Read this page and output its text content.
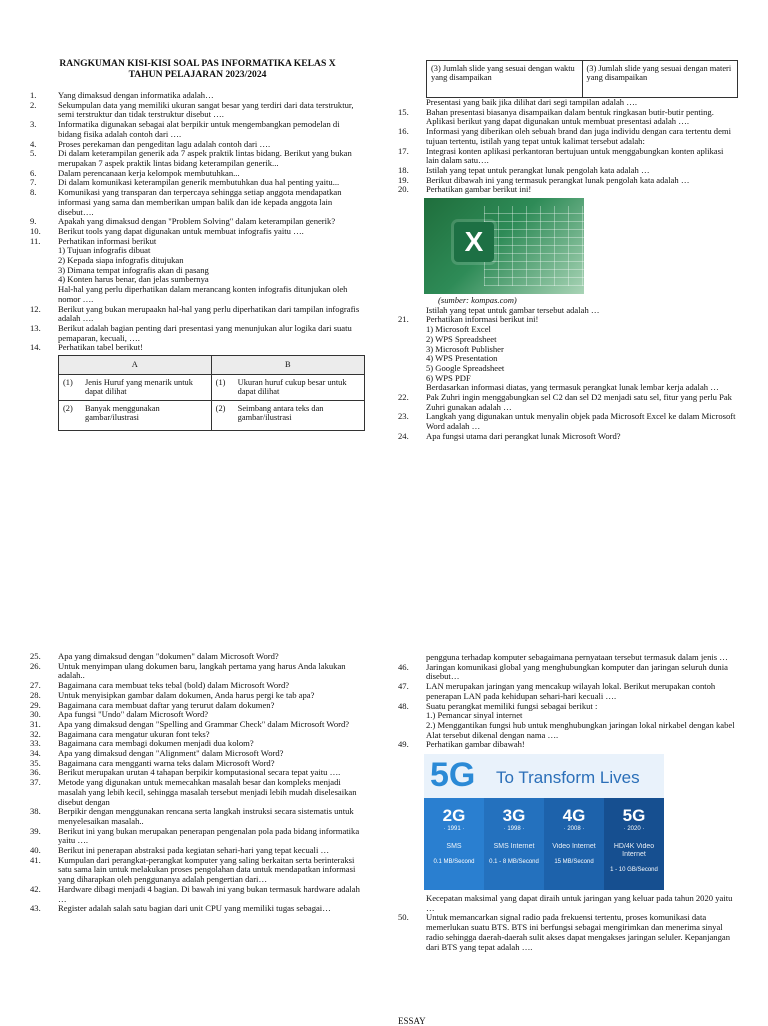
RANGKUMAN KISI-KISI SOAL PAS INFORMATIKA KELAS X
TAHUN PELAJARAN 2023/2024
1.	Yang dimaksud dengan informatika adalah…
2.	Sekumpulan data yang memiliki ukuran sangat besar yang terdiri dari data terstruktur, semi terstruktur dan tidak terstruktur disebut ….
3.	Informatika digunakan sebagai alat berpikir untuk mengembangkan pemodelan di bidang fisika adalah contoh dari ….
4.	Proses perekaman dan pengeditan lagu adalah contoh dari ….
5.	Di dalam keterampilan generik ada 7 aspek praktik lintas bidang. Berikut yang bukan merupakan 7 aspek praktik lintas bidang keterampilan generik...
6.	Dalam perencanaan kerja kelompok membutuhkan...
7.	Di dalam komunikasi keterampilan generik membutuhkan dua hal penting yaitu...
8.	Komunikasi yang transparan dan terpercaya sehingga setiap anggota mendapatkan informasi yang sama dan memberikan umpan balik dan ide kepada anggota lain disebut….
9.	Apakah yang dimaksud dengan "Problem Solving" dalam keterampilan generik?
10. Berikut tools yang dapat digunakan untuk membuat infografis yaitu ….
11. Perhatikan informasi berikut
1) Tujuan infografis dibuat
2) Kepada siapa infografis ditujukan
3) Dimana tempat infografis akan di pasang
4) Konten harus benar, dan jelas sumbernya
Hal-hal yang perlu diperhatikan dalam merancang konten infografis ditunjukan oleh nomor ….
12. Berikut yang bukan merupaakn hal-hal yang perlu diperhatikan dari tampilan infografis adalah ….
13. Berikut adalah bagian penting dari presentasi yang menunjukan alur logika dari suatu pemaparan, kecuali, ….
14. Perhatikan tabel berikut!
A	B

(1) Jenis Huruf yang menarik untuk dapat dilihat	(1) Ukuran huruf cukup besar untuk dapat dilihat

(2) Banyak menggunakan gambar/ilustrasi	(2) Seimbang antara teks dan gambar/ilustrasi
(3) Jumlah slide yang sesuai dengan waktu yang disampaikan	(3) Jumlah slide yang sesuai dengan materi yang disampaikan
Presentasi yang baik jika dilihat dari segi tampilan adalah ….
15. Bahan presentasi biasanya disampaikan dalam bentuk ringkasan butir-butir penting. Aplikasi berikut yang dapat digunakan untuk membuat presentasi adalah ….
16. Informasi yang diberikan oleh sebuah brand dan juga individu dengan cara tertentu demi tujuan tertentu, istilah yang tepat untuk kalimat tersebut adalah:
17. Integrasi konten aplikasi perkantoran bertujuan untuk menggabungkan konten aplikasi lain dalam satu….
18. Istilah yang tepat untuk perangkat lunak pengolah kata adalah …
19. Berikut dibawah ini yang termasuk perangkat lunak pengolah kata adalah …
20. Perhatikan gambar berikut ini!
X
(sumber: kompas.com)
Istilah yang tepat untuk gambar tersebut adalah …
21. Perhatikan informasi berikut ini!
1) Microsoft Excel
2) WPS Spreadsheet
3) Microsoft Publisher
4) WPS Presentation
5) Google Spreadsheet
6) WPS PDF
Berdasarkan informasi diatas, yang termasuk perangkat lunak lembar kerja adalah …
22. Pak Zuhri ingin menggabungkan sel C2 dan sel D2 menjadi satu sel, fitur yang perlu Pak Zuhri gunakan adalah …
23. Langkah yang digunakan untuk menyalin objek pada Microsoft Excel ke dalam Microsoft Word adalah …
24. Apa fungsi utama dari perangkat lunak Microsoft Word?
25. Apa yang dimaksud dengan "dokumen" dalam Microsoft Word?
26. Untuk menyimpan ulang dokumen baru, langkah pertama yang harus Anda lakukan adalah..
27. Bagaimana cara membuat teks tebal (bold) dalam Microsoft Word?
28. Untuk menyisipkan gambar dalam dokumen, Anda harus pergi ke tab apa?
29. Bagaimana cara membuat daftar yang terurut dalam dokumen?
30. Apa fungsi "Undo" dalam Microsoft Word?
31. Apa yang dimaksud dengan "Spelling and Grammar Check" dalam Microsoft Word?
32. Bagaimana cara mengatur ukuran font teks?
33. Bagaimana cara membagi dokumen menjadi dua kolom?
34. Apa yang dimaksud dengan "Alignment" dalam Microsoft Word?
35. Bagaimana cara mengganti warna teks dalam Microsoft Word?
36. Berikut merupakan urutan 4 tahapan berpikir komputasional secara tepat yaitu ….
37. Metode yang digunakan untuk memecahkan masalah besar dan kompleks menjadi masalah yang lebih kecil, sehingga masalah tersebut menjadi lebih mudah diselesaikan disebut dengan
38. Berpikir dengan menggunakan rencana serta langkah instruksi secara sistematis untuk menyelesaikan masalah..
39. Berikut ini yang bukan merupakan penerapan pengenalan pola pada bidang informatika yaitu ….
40. Berikut ini penerapan abstraksi pada kegiatan sehari-hari yang tepat kecuali …
41. Kumpulan dari perangkat-perangkat komputer yang saling berkaitan serta berinteraksi satu sama lain untuk melakukan proses pengolahan data untuk mendapatkan informasi yang diharapkan oleh penggunanya adalah pengertian dari…
42. Hardware dibagi menjadi 4 bagian. Di bawah ini yang bukan termasuk hardware adalah …
43. Register adalah salah satu bagian dari unit CPU yang memiliki tugas sebagai…
pengguna terhadap komputer sebagaimana pernyataan tersebut termasuk dalam jenis …
46. Jaringan komunikasi global yang menghubungkan komputer dan jaringan seluruh dunia disebut…
47. LAN merupakan jaringan yang mencakup wilayah lokal. Berikut merupakan contoh penerapan LAN pada kehidupan sehari-hari kecuali ….
48. Suatu perangkat memiliki fungsi sebagai berikut :
1.) Pemancar sinyal internet
2.) Menggantikan fungsi hub untuk menghubungkan jaringan lokal nirkabel dengan kabel
Alat tersebut dikenal dengan nama ….
49. Perhatikan gambar dibawah!
5G To Transform Lives
2G
· 1991 ·
SMS
0.1 MB/Second
3G
· 1998 ·
SMS Internet
0.1 - 8 MB/Second
4G
· 2008 ·
Video Internet
15 MB/Second
5G
· 2020 ·
HD/4K Video Internet
1 - 10 GB/Second
Kecepatan maksimal yang dapat diraih untuk jaringan yang keluar pada tahun 2020 yaitu …
50. Untuk memancarkan signal radio pada frekuensi tertentu, proses komunikasi data memerlukan suatu BTS. BTS ini berfungsi sebagai mengirimkan dan menerima sinyal radio sehingga daerah-daerah sulit akses dapat mengakses jaringan seluler. Kepanjangan dari BTS yang tepat adalah ….
ESSAY
